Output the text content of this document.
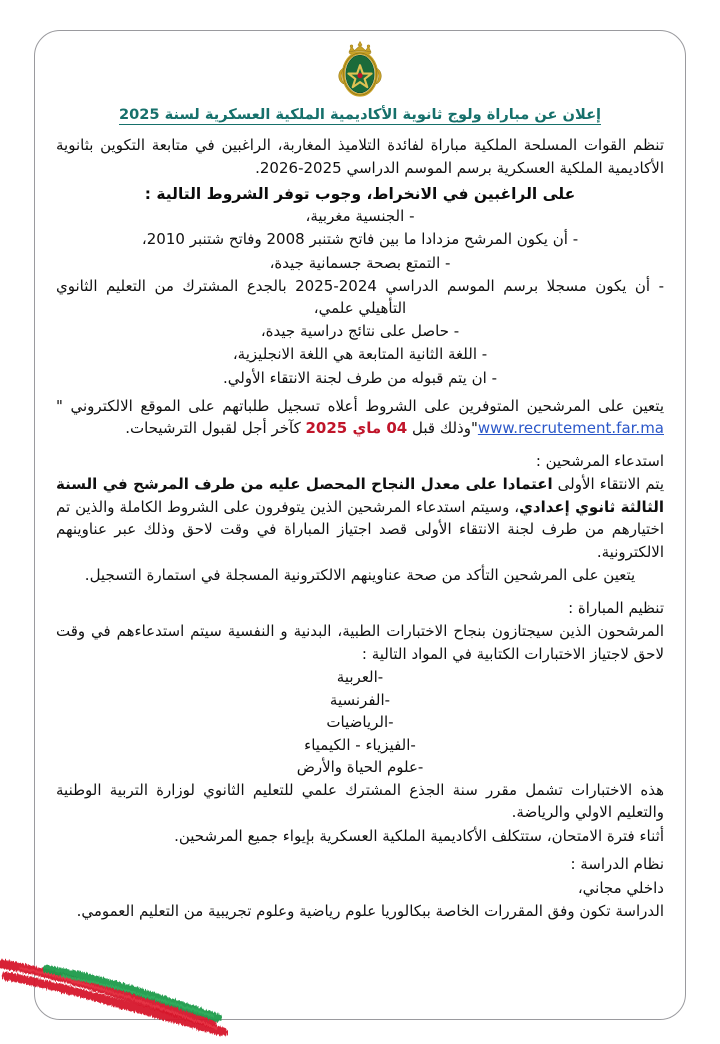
إعلان عن مباراة ولوج ثانوية الأكاديمية الملكية العسكرية لسنة 2025

تنظم القوات المسلحة الملكية مباراة لفائدة التلاميذ المغاربة، الراغبين في متابعة التكوين بثانوية الأكاديمية الملكية العسكرية برسم الموسم الدراسي 2025-2026.

على الراغبين في الانخراط، وجوب توفر الشروط التالية :

- الجنسية مغربية،

- أن يكون المرشح مزدادا ما بين فاتح شتنبر 2008 وفاتح شتنبر 2010،

- التمتع بصحة جسمانية جيدة،

- أن يكون مسجلا برسم الموسم الدراسي 2024-2025 بالجدع المشترك من التعليم الثانوي التأهيلي علمي،

- حاصل على نتائج دراسية جيدة،

- اللغة الثانية المتابعة هي اللغة الانجليزية،

- ان يتم قبوله من طرف لجنة الانتقاء الأولي.

يتعين على المرشحين المتوفرين على الشروط أعلاه تسجيل طلباتهم على الموقع الالكتروني "www.recrutement.far.ma"وذلك قبل 04 ماي 2025 كآخر أجل لقبول الترشيحات.

استدعاء المرشحين :

يتم الانتقاء الأولى اعتمادا على معدل النجاح المحصل عليه من طرف المرشح في السنة الثالثة ثانوي إعدادي، وسيتم استدعاء المرشحين الذين يتوفرون على الشروط الكاملة والذين تم اختيارهم من طرف لجنة الانتقاء الأولى قصد اجتياز المباراة في وقت لاحق وذلك عبر عناوينهم الالكترونية.

يتعين على المرشحين التأكد من صحة عناوينهم الالكترونية المسجلة في استمارة التسجيل.

تنظيم المباراة :

المرشحون الذين سيجتازون بنجاح الاختبارات الطبية، البدنية و النفسية سيتم استدعاءهم في وقت لاحق لاجتياز الاختبارات الكتابية في المواد التالية :

-العربية

-الفرنسية

-الرياضيات

-الفيزياء - الكيمياء

-علوم الحياة والأرض

هذه الاختبارات تشمل مقرر سنة الجذع المشترك علمي للتعليم الثانوي لوزارة التربية الوطنية والتعليم الاولي والرياضة.

أثناء فترة الامتحان، ستتكلف الأكاديمية الملكية العسكرية بإيواء جميع المرشحين.

نظام الدراسة :

داخلي مجاني،

الدراسة تكون وفق المقررات الخاصة ببكالوريا علوم رياضية وعلوم تجريبية من التعليم العمومي.
